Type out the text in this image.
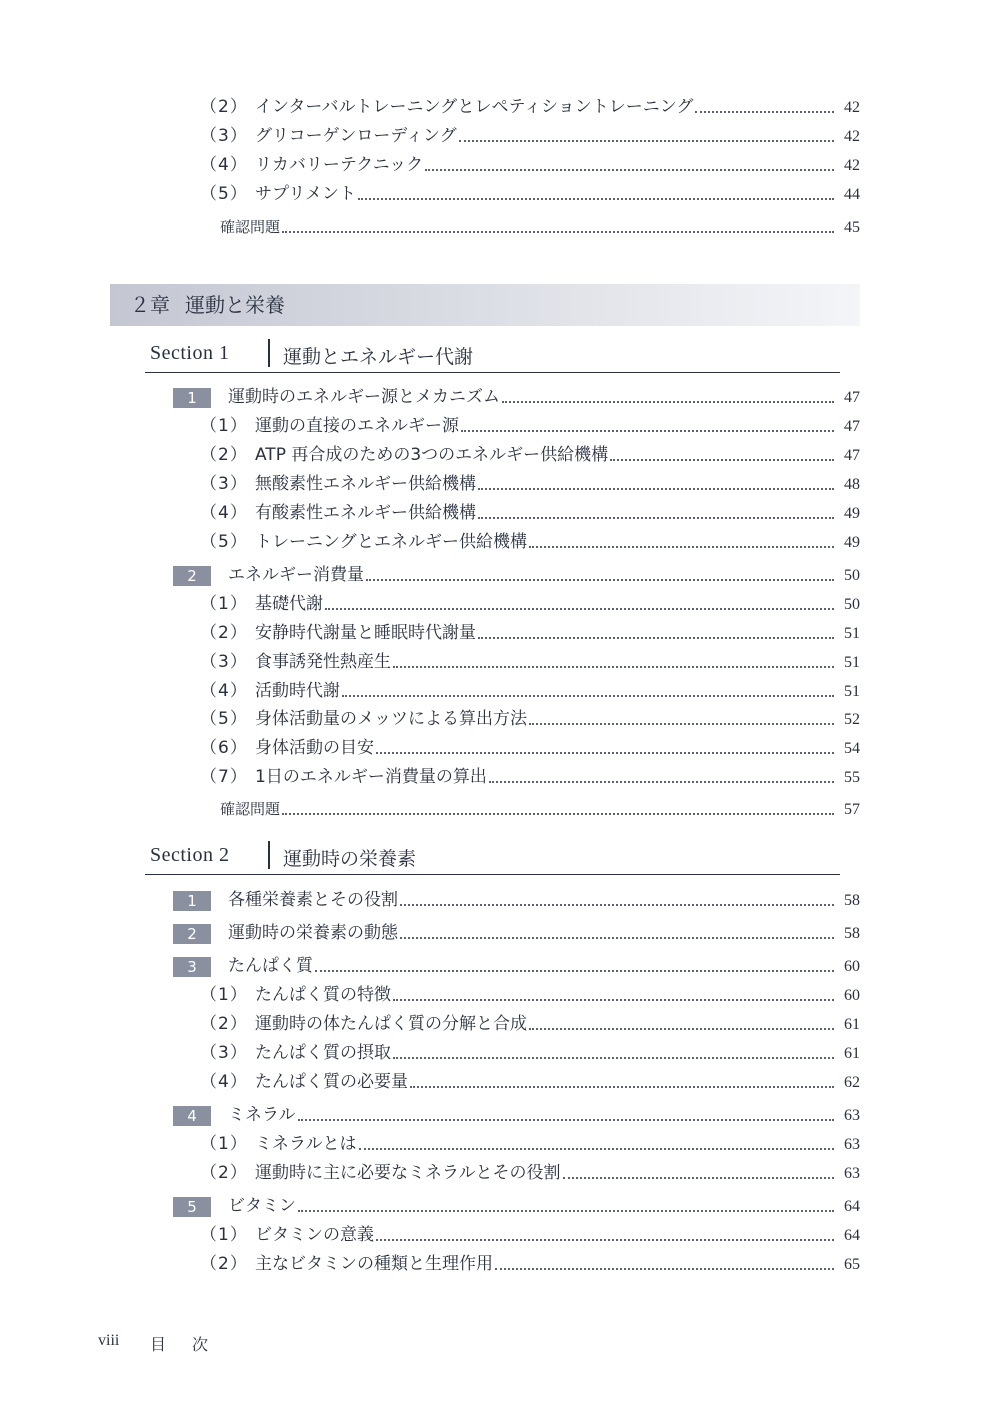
（2） インターバルトレーニングとレペティショントレーニング	42
（3） グリコーゲンローディング	42
（4） リカバリーテクニック	42
（5） サプリメント	44
確認問題	45
２章 運動と栄養
Section 1	運動とエネルギー代謝
1	運動時のエネルギー源とメカニズム	47
（1） 運動の直接のエネルギー源	47
（2） ATP 再合成のための3つのエネルギー供給機構	47
（3） 無酸素性エネルギー供給機構	48
（4） 有酸素性エネルギー供給機構	49
（5） トレーニングとエネルギー供給機構	49
2	エネルギー消費量	50
（1） 基礎代謝	50
（2） 安静時代謝量と睡眠時代謝量	51
（3） 食事誘発性熱産生	51
（4） 活動時代謝	51
（5） 身体活動量のメッツによる算出方法	52
（6） 身体活動の目安	54
（7） 1日のエネルギー消費量の算出	55
確認問題	57
Section 2	運動時の栄養素
1	各種栄養素とその役割	58
2	運動時の栄養素の動態	58
3	たんぱく質	60
（1） たんぱく質の特徴	60
（2） 運動時の体たんぱく質の分解と合成	61
（3） たんぱく質の摂取	61
（4） たんぱく質の必要量	62
4	ミネラル	63
（1） ミネラルとは	63
（2） 運動時に主に必要なミネラルとその役割	63
5	ビタミン	64
（1） ビタミンの意義	64
（2） 主なビタミンの種類と生理作用	65
viii 目次
